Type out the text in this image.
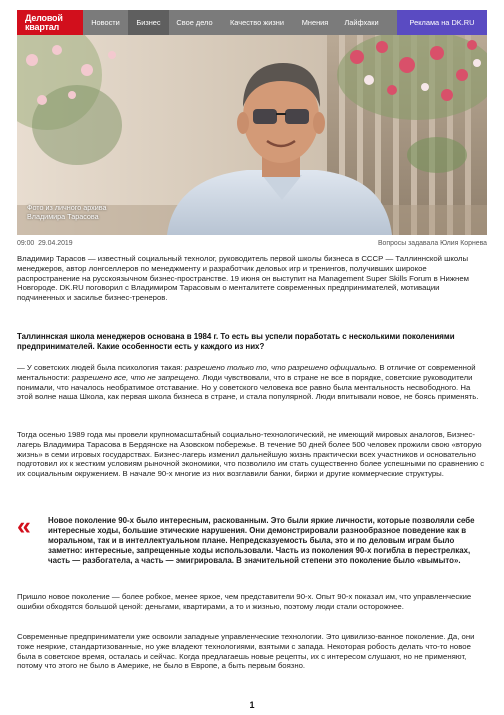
Деловой
квартал	Новости	Бизнес	Свое дело	Качество жизни	Мнения	Лайфхаки	Реклама на DK.RU
Фото из личного архива
Владимира Тарасова
09:00 29.04.2019	Вопросы задавала Юлия Корнева

Владимир Тарасов — известный социальный технолог, руководитель первой школы бизнеса в СССР — Таллиннской школы менеджеров, автор лонгселлеров по менеджменту и разработчик деловых игр и тренингов, получивших широкое распространение на русскоязычном бизнес-пространстве. 19 июня он выступит на Management Super Skills Forum в Нижнем Новгороде. DK.RU поговорил с Владимиром Тарасовым о менталитете современных предпринимателей, мотивации подчиненных и засилье бизнес-тренеров.

Таллиннская школа менеджеров основана в 1984 г. То есть вы успели поработать с несколькими поколениями предпринимателей. Какие особенности есть у каждого из них?

— У советских людей была психология такая: разрешено только то, что разрешено официально. В отличие от современной ментальности: разрешено все, что не запрещено. Люди чувствовали, что в стране не все в порядке, советские руководители понимали, что началось необратимое отставание. Но у советского человека все равно была ментальность несвободного. На этой волне наша Школа, как первая школа бизнеса в стране, и стала популярной. Люди впитывали новое, не боясь применять.

Тогда осенью 1989 года мы провели крупномасштабный социально-технологический, не имеющий мировых аналогов, Бизнес-лагерь Владимира Тарасова в Бердянске на Азовском побережье. В течение 50 дней более 500 человек прожили свою «вторую жизнь» в семи игровых государствах. Бизнес-лагерь изменил дальнейшую жизнь практически всех участников и основательно подготовил их к жестким условиям рыночной экономики, что позволило им стать существенно более успешными по сравнению с их социальным окружением. В начале 90-х многие из них возглавили банки, биржи и другие коммерческие структуры.

« Новое поколение 90-х было интересным, раскованным. Это были яркие личности, которые позволяли себе интересные ходы, большие этические нарушения. Они демонстрировали разнообразное поведение как в моральном, так и в интеллектуальном плане. Непредсказуемость была, это и по деловым играм было заметно: интересные, запрещенные ходы использовали. Часть из поколения 90-х погибла в перестрелках, часть — разбогатела, а часть — эмигрировала. В значительной степени это поколение было «вымыто».

Пришло новое поколение — более робкое, менее яркое, чем представители 90-х. Опыт 90-х показал им, что управленческие ошибки обходятся большой ценой: деньгами, квартирами, а то и жизнью, поэтому люди стали осторожнее.

Современные предприниматели уже освоили западные управленческие технологии. Это цивилизо-ванное поколение. Да, они тоже неяркие, стандартизованные, но уже владеют технологиями, взятыми с запада. Некоторая робость делать что-то новое была в советское время, осталась и сейчас. Когда предлагаешь новые рецепты, их с интересом слушают, но не применяют, потому что этого не было в Америке, не было в Европе, а быть первым боязно.

1
